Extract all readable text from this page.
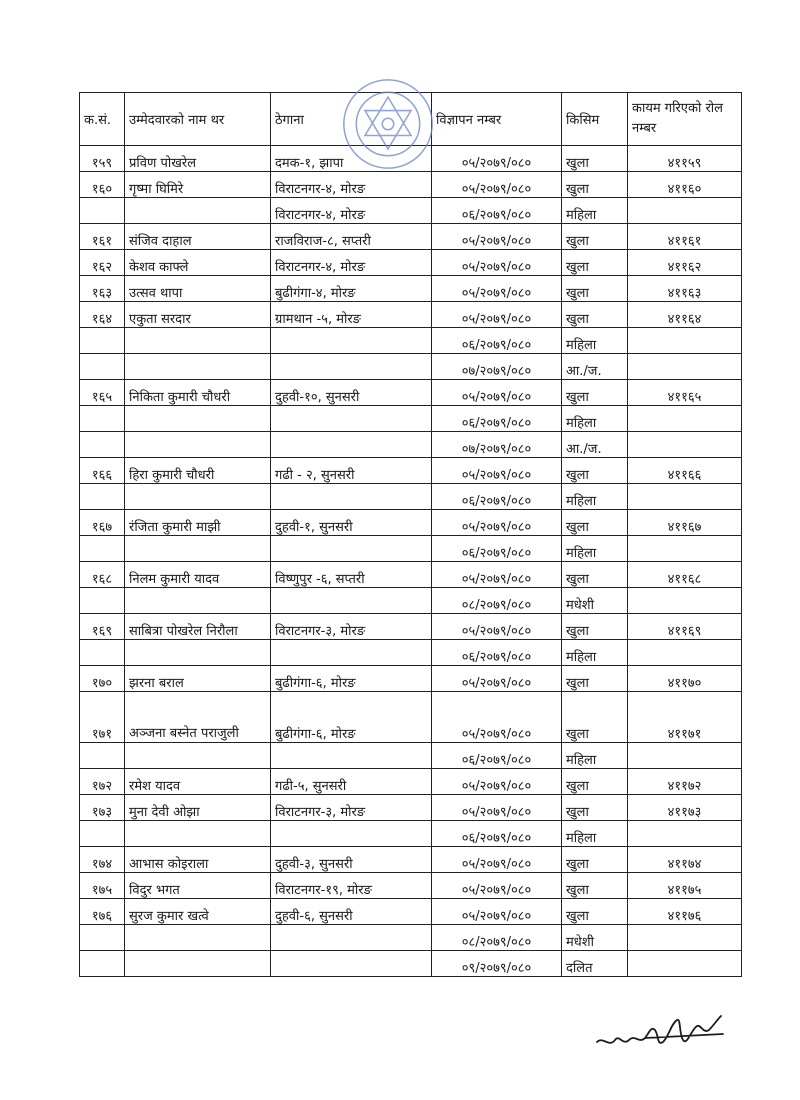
क.सं.	उम्मेदवारको नाम थर	ठेगाना	विज्ञापन नम्बर	किसिम	कायम गरिएको रोल नम्बर
१५९	प्रविण पोखरेल	दमक-१, झापा	०५/२०७९/०८०	खुला	४११५९
१६०	गृष्मा घिमिरे	विराटनगर-४, मोरङ	०५/२०७९/०८०	खुला	४११६०
		विराटनगर-४, मोरङ	०६/२०७९/०८०	महिला	
१६१	संजिव दाहाल	राजविराज-८, सप्तरी	०५/२०७९/०८०	खुला	४११६१
१६२	केशव काफ्ले	विराटनगर-४, मोरङ	०५/२०७९/०८०	खुला	४११६२
१६३	उत्सव थापा	बुढीगंगा-४, मोरङ	०५/२०७९/०८०	खुला	४११६३
१६४	एकुता सरदार	ग्रामथान -५, मोरङ	०५/२०७९/०८०	खुला	४११६४
			०६/२०७९/०८०	महिला	
			०७/२०७९/०८०	आ./ज.	
१६५	निकिता कुमारी चौधरी	दुहवी-१०, सुनसरी	०५/२०७९/०८०	खुला	४११६५
			०६/२०७९/०८०	महिला	
			०७/२०७९/०८०	आ./ज.	
१६६	हिरा कुमारी चौधरी	गढी - २, सुनसरी	०५/२०७९/०८०	खुला	४११६६
			०६/२०७९/०८०	महिला	
१६७	रंजिता कुमारी माझी	दुहवी-१, सुनसरी	०५/२०७९/०८०	खुला	४११६७
			०६/२०७९/०८०	महिला	
१६८	निलम कुमारी यादव	विष्णुपुर -६, सप्तरी	०५/२०७९/०८०	खुला	४११६८
			०८/२०७९/०८०	मधेशी	
१६९	साबित्रा पोखरेल निरौला	विराटनगर-३, मोरङ	०५/२०७९/०८०	खुला	४११६९
			०६/२०७९/०८०	महिला	
१७०	झरना बराल	बुढीगंगा-६, मोरङ	०५/२०७९/०८०	खुला	४११७०
१७१	अञ्जना बस्नेत पराजुली	बुढीगंगा-६, मोरङ	०५/२०७९/०८०	खुला	४११७१
			०६/२०७९/०८०	महिला	
१७२	रमेश यादव	गढी-५, सुनसरी	०५/२०७९/०८०	खुला	४११७२
१७३	मुना देवी ओझा	विराटनगर-३, मोरङ	०५/२०७९/०८०	खुला	४११७३
			०६/२०७९/०८०	महिला	
१७४	आभास कोइराला	दुहवी-३, सुनसरी	०५/२०७९/०८०	खुला	४११७४
१७५	विदुर भगत	विराटनगर-१९, मोरङ	०५/२०७९/०८०	खुला	४११७५
१७६	सुरज कुमार खत्वे	दुहवी-६, सुनसरी	०५/२०७९/०८०	खुला	४११७६
			०८/२०७९/०८०	मधेशी	
			०९/२०७९/०८०	दलित	
